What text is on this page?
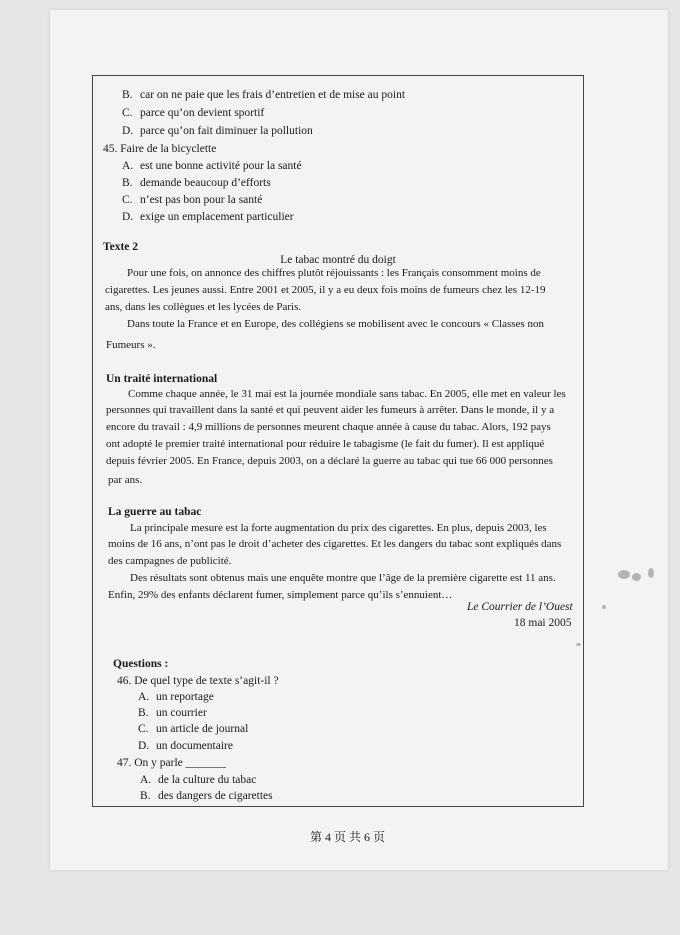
B. car on ne paie que les frais d’entretien et de mise au point
C. parce qu’on devient sportif
D. parce qu’on fait diminuer la pollution
45. Faire de la bicyclette
A. est une bonne activité pour la santé
B. demande beaucoup d’efforts
C. n’est pas bon pour la santé
D. exige un emplacement particulier
Texte 2
Le tabac montré du doigt
Pour une fois, on annonce des chiffres plutôt réjouissants : les Français consomment moins de
cigarettes. Les jeunes aussi. Entre 2001 et 2005, il y a eu deux fois moins de fumeurs chez les 12-19
ans, dans les collègues et les lycées de Paris.
Dans toute la France et en Europe, des collégiens se mobilisent avec le concours « Classes non
Fumeurs ».
Un traité international
Comme chaque année, le 31 mai est la journée mondiale sans tabac. En 2005, elle met en valeur les
personnes qui travaillent dans la santé et qui peuvent aider les fumeurs à arrêter. Dans le monde, il y a
encore du travail : 4,9 millions de personnes meurent chaque année à cause du tabac. Alors, 192 pays
ont adopté le premier traité international pour réduire le tabagisme (le fait du fumer). Il est appliqué
depuis février 2005. En France, depuis 2003, on a déclaré la guerre au tabac qui tue 66 000 personnes
par ans.
La guerre au tabac
La principale mesure est la forte augmentation du prix des cigarettes. En plus, depuis 2003, les
moins de 16 ans, n’ont pas le droit d’acheter des cigarettes. Et les dangers du tabac sont expliqués dans
des campagnes de publicité.
Des résultats sont obtenus mais une enquête montre que l’âge de la première cigarette est 11 ans.
Enfin, 29% des enfants déclarent fumer, simplement parce qu’ils s’ennuient…
Le Courrier de l’Ouest
18 mai 2005
Questions :
46. De quel type de texte s’agit-il ?
A. un reportage
B. un courrier
C. un article de journal
D. un documentaire
47. On y parle _______
A. de la culture du tabac
B. des dangers de cigarettes
第 4 页 共 6 页
